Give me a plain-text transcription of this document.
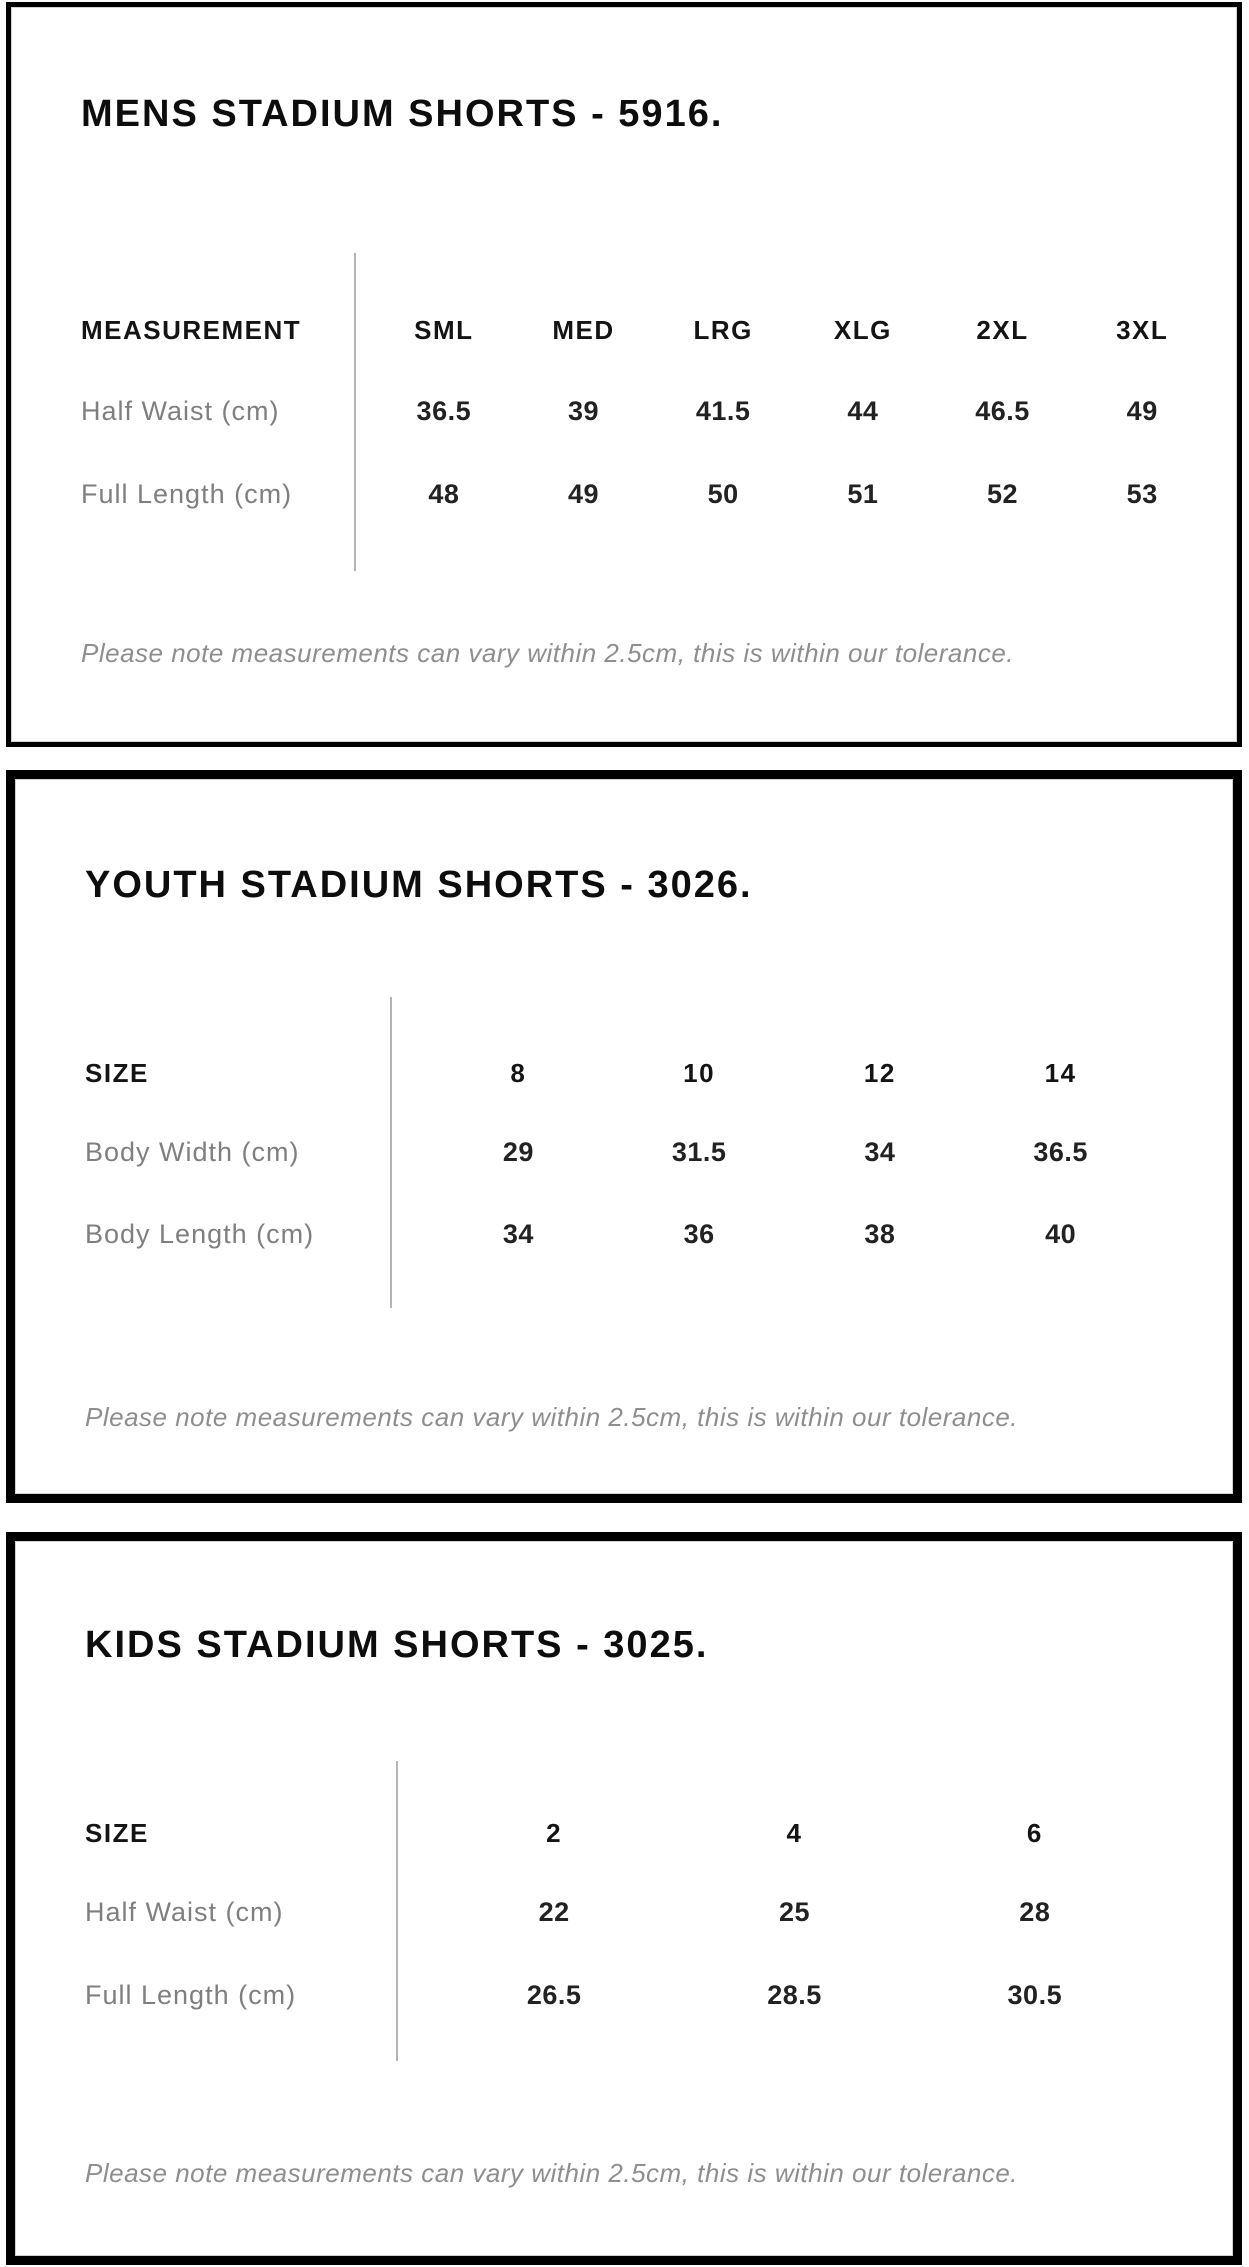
MENS STADIUM SHORTS - 5916.
MEASUREMENT	SML	MED	LRG	XLG	2XL	3XL
Half Waist (cm)	36.5	39	41.5	44	46.5	49
Full Length (cm)	48	49	50	51	52	53

Please note measurements can vary within 2.5cm, this is within our tolerance.

YOUTH STADIUM SHORTS - 3026.
SIZE	8	10	12	14
Body Width (cm)	29	31.5	34	36.5
Body Length (cm)	34	36	38	40

Please note measurements can vary within 2.5cm, this is within our tolerance.

KIDS STADIUM SHORTS - 3025.
SIZE	2	4	6
Half Waist (cm)	22	25	28
Full Length (cm)	26.5	28.5	30.5

Please note measurements can vary within 2.5cm, this is within our tolerance.
